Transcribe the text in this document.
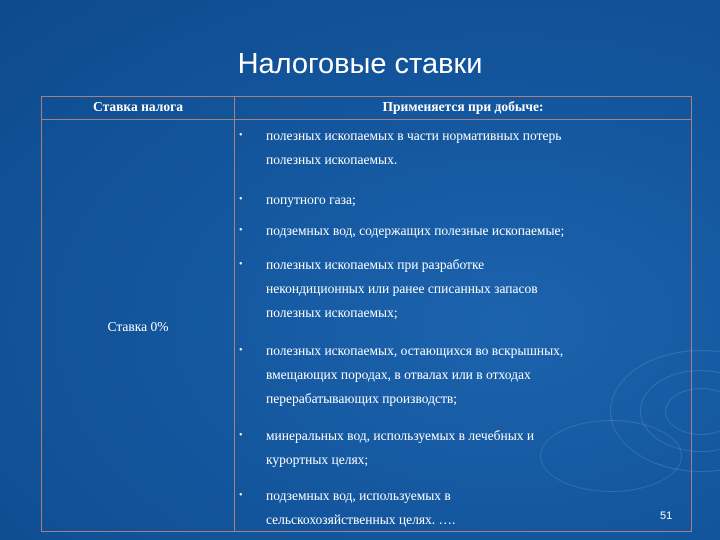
Налоговые ставки
Ставка налога	Применяется при добыче:
Ставка 0%
• полезных ископаемых в части нормативных потерь
полезных ископаемых.
• попутного газа;
• подземных вод, содержащих полезные ископаемые;
• полезных ископаемых при разработке
некондиционных или ранее списанных запасов
полезных ископаемых;
• полезных ископаемых, остающихся во вскрышных,
вмещающих породах, в отвалах или в отходах
перерабатывающих производств;
• минеральных вод, используемых в лечебных и
курортных целях;
• подземных вод, используемых в
сельскохозяйственных целях. ….	51
